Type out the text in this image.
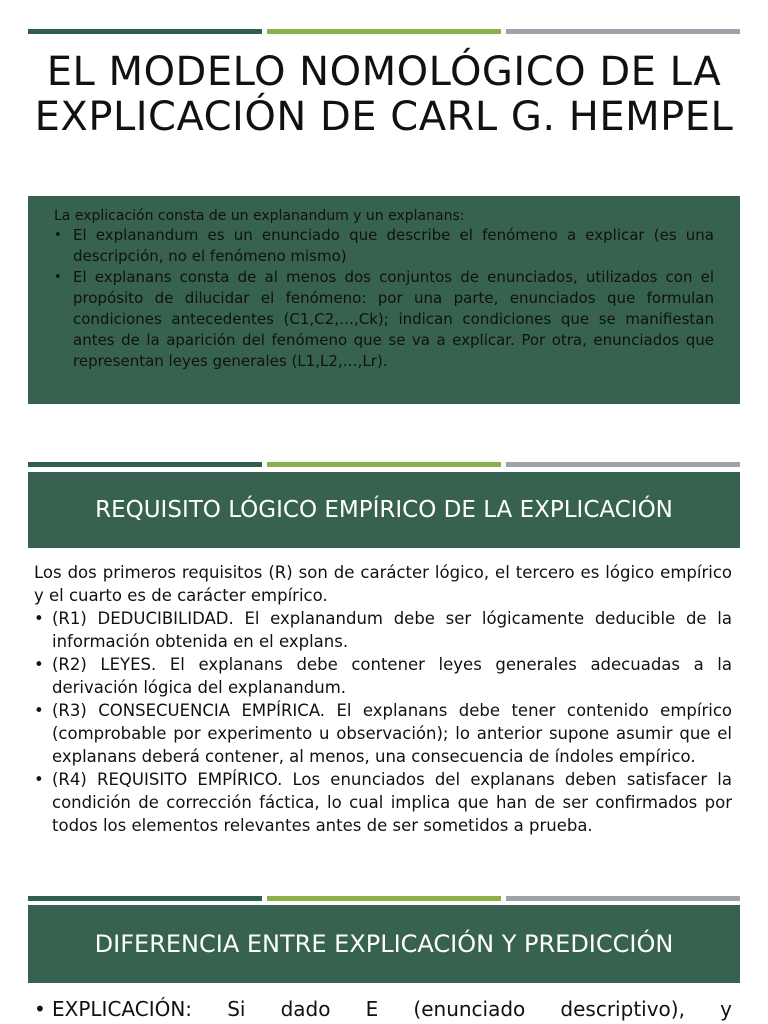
EL MODELO NOMOLÓGICO DE LA EXPLICACIÓN DE CARL G. HEMPEL

La explicación consta de un explanandum y un explanans:

• El explanandum es un enunciado que describe el fenómeno a explicar (es una descripción, no el fenómeno mismo)
• El explanans consta de al menos dos conjuntos de enunciados, utilizados con el propósito de dilucidar el fenómeno: por una parte, enunciados que formulan condiciones antecedentes (C1,C2,…,Ck); indican condiciones que se manifiestan antes de la aparición del fenómeno que se va a explicar. Por otra, enunciados que representan leyes generales (L1,L2,…,Lr).
REQUISITO LÓGICO EMPÍRICO DE LA EXPLICACIÓN

Los dos primeros requisitos (R) son de carácter lógico, el tercero es lógico empírico y el cuarto es de carácter empírico.

• (R1) DEDUCIBILIDAD. El explanandum debe ser lógicamente deducible de la información obtenida en el explans.
• (R2) LEYES. El explanans debe contener leyes generales adecuadas a la derivación lógica del explanandum.
• (R3) CONSECUENCIA EMPÍRICA. El explanans debe tener contenido empírico (comprobable por experimento u observación); lo anterior supone asumir que el explanans deberá contener, al menos, una consecuencia de índoles empírico.
• (R4) REQUISITO EMPÍRICO. Los enunciados del explanans deben satisfacer la condición de corrección fáctica, lo cual implica que han de ser confirmados por todos los elementos relevantes antes de ser sometidos a prueba.
DIFERENCIA ENTRE EXPLICACIÓN Y PREDICCIÓN
• EXPLICACIÓN: Si dado E (enunciado descriptivo), y
